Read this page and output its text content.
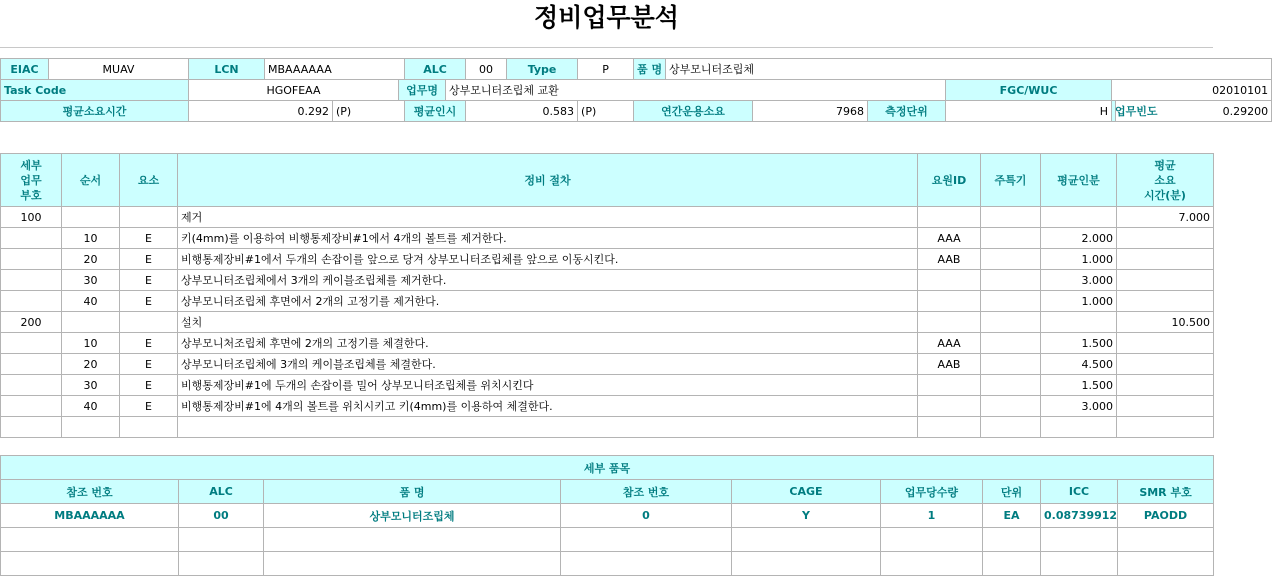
정비업무분석
EIAC	MUAV	LCN	MBAAAAAA			ALC		00	Type	P	품 명	상부모니터조립체					
Task Code		HGOFEAA			업무명		상부모니터조립체 교환								FGC/WUC	02010101	
평균소요시간		0.292		(P)		평균인시		0.583		(P)	연간운용소요		7968	측정단위	H	업무빈도	0.29200
세부
업무
부호	순서	요소	정비 절차	요원ID	주특기	평균인분	평균
소요
시간(분)
100			제거				7.000
	10	E	키(4mm)를 이용하여 비행통제장비#1에서 4개의 볼트를 제거한다.	AAA		2.000	
	20	E	비행통제장비#1에서 두개의 손잡이를 앞으로 당겨 상부모니터조립체를 앞으로 이동시킨다.	AAB		1.000	
	30	E	상부모니터조립체에서 3개의 케이블조립체를 제거한다.			3.000	
	40	E	상부모니터조립체 후면에서 2개의 고정기를 제거한다.			1.000	
200			설치				10.500
	10	E	상부모니처조립체 후면에 2개의 고정기를 체결한다.	AAA		1.500	
	20	E	상부모니터조립체에 3개의 케이블조립체를 체결한다.	AAB		4.500	
	30	E	비행통제장비#1에 두개의 손잡이를 밀어 상부모니터조립체를 위치시킨다			1.500	
	40	E	비행통제장비#1에 4개의 볼트를 위치시키고 키(4mm)를 이용하여 체결한다.			3.000	

세부 품목								
참조 번호	ALC	품 명	참조 번호	CAGE	업무당수량	단위	ICC	SMR 부호
MBAAAAAA	00	상부모니터조립체	0	Y	1	EA	0.08739912	PAODD
